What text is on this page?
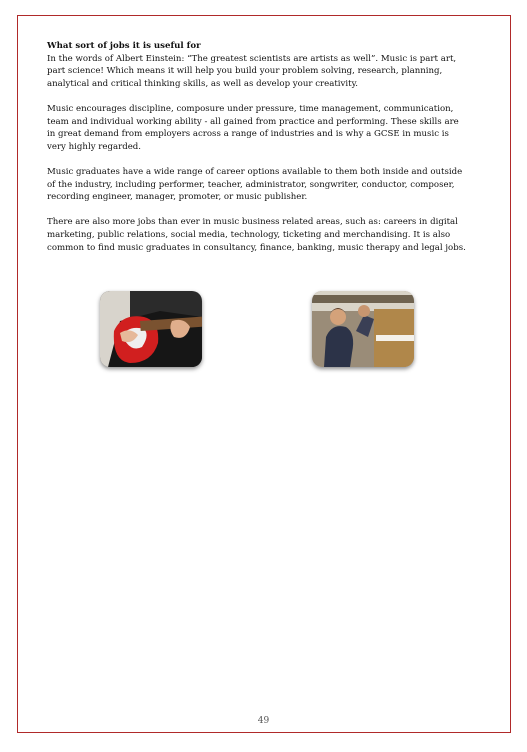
What sort of jobs it is useful for
In the words of Albert Einstein: “The greatest scientists are artists as well”. Music is part art, part science! Which means it will help you build your problem solving, research, planning, analytical and critical thinking skills, as well as develop your creativity.

Music encourages discipline, composure under pressure, time management, communication, team and individual working ability - all gained from practice and performing. These skills are in great demand from employers across a range of industries and is why a GCSE in music is very highly regarded.

Music graduates have a wide range of career options available to them both inside and outside of the industry, including performer, teacher, administrator, songwriter, conductor, composer, recording engineer, manager, promoter, or music publisher.

There are also more jobs than ever in music business related areas, such as: careers in digital marketing, public relations, social media, technology, ticketing and merchandising. It is also common to find music graduates in consultancy, finance, banking, music therapy and legal jobs.

49
